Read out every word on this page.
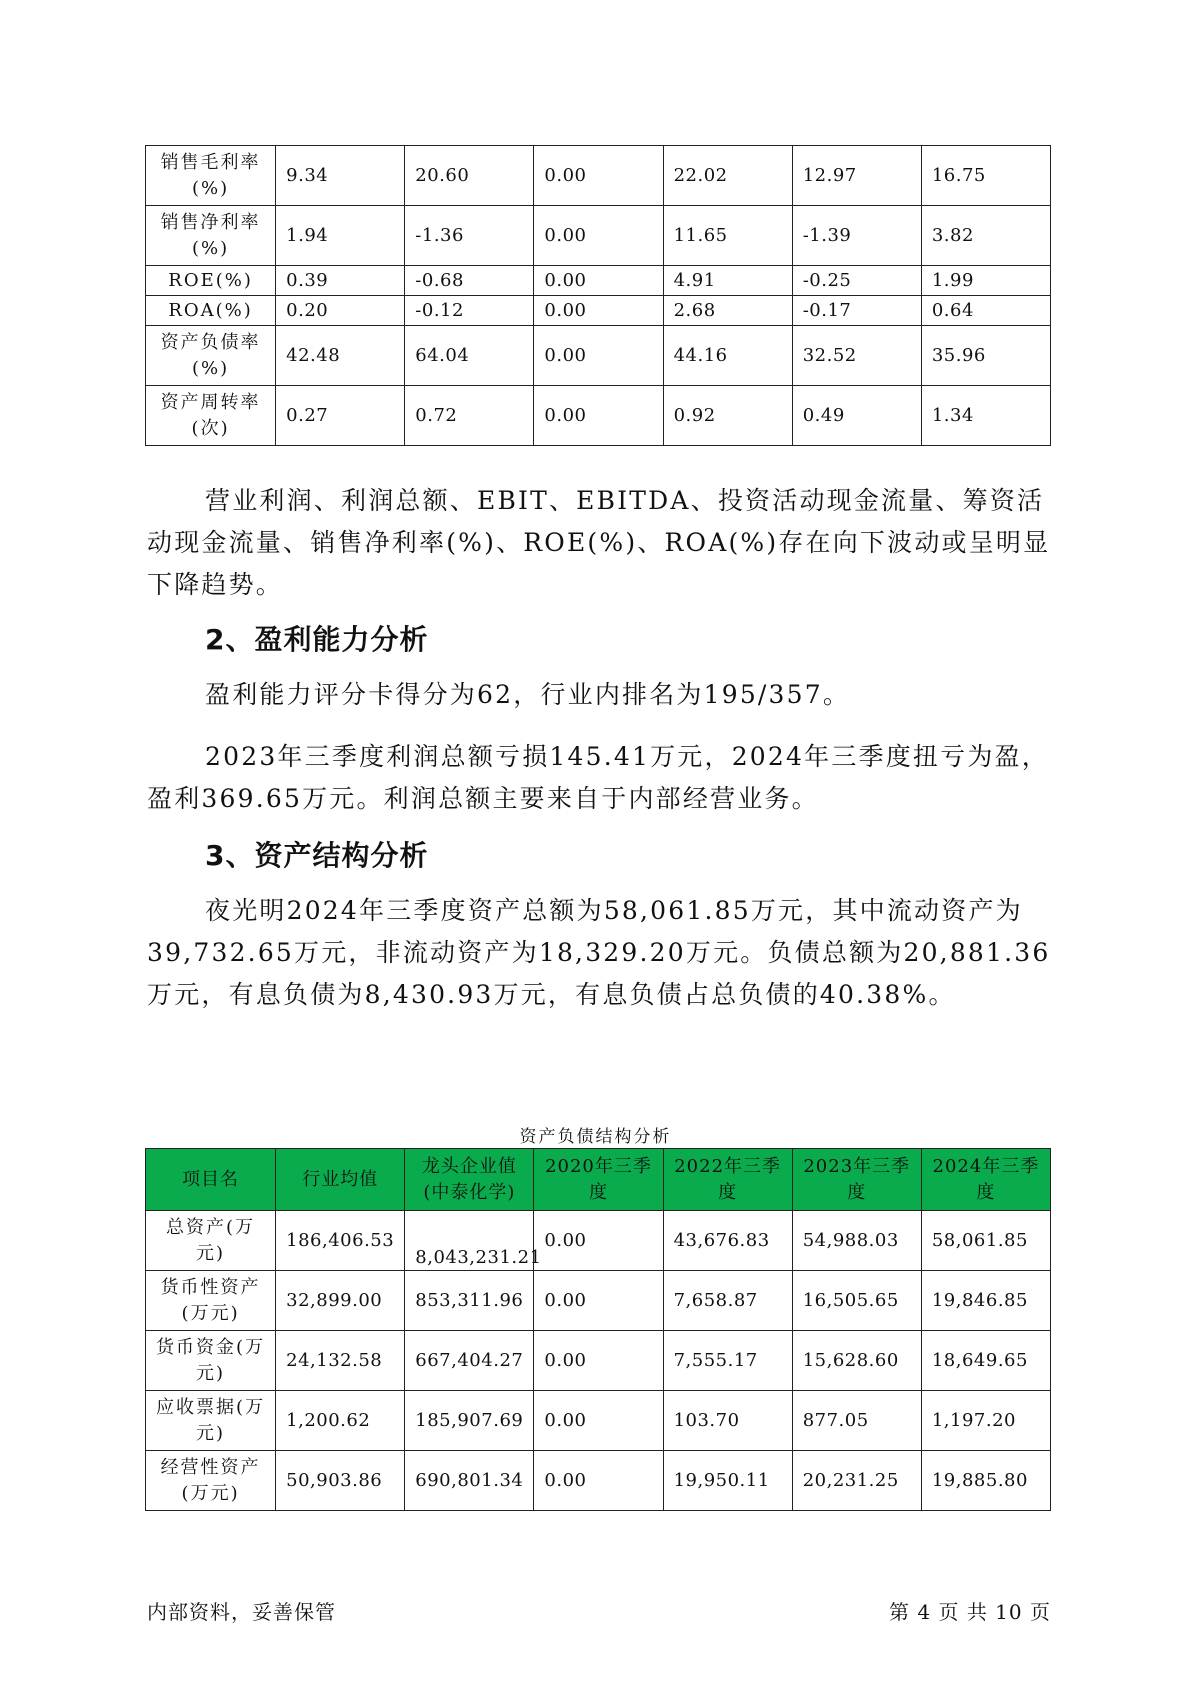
销售毛利率(%)	9.34	20.60	0.00	22.02	12.97	16.75
销售净利率(%)	1.94	-1.36	0.00	11.65	-1.39	3.82
ROE(%)	0.39	-0.68	0.00	4.91	-0.25	1.99
ROA(%)	0.20	-0.12	0.00	2.68	-0.17	0.64
资产负债率(%)	42.48	64.04	0.00	44.16	32.52	35.96
资产周转率(次)	0.27	0.72	0.00	0.92	0.49	1.34

营业利润、利润总额、EBIT、EBITDA、投资活动现金流量、筹资活动现金流量、销售净利率(%)、ROE(%)、ROA(%)存在向下波动或呈明显下降趋势。

2、盈利能力分析

盈利能力评分卡得分为62，行业内排名为195/357。

2023年三季度利润总额亏损145.41万元，2024年三季度扭亏为盈，盈利369.65万元。利润总额主要来自于内部经营业务。

3、资产结构分析

夜光明2024年三季度资产总额为58,061.85万元，其中流动资产为39,732.65万元，非流动资产为18,329.20万元。负债总额为20,881.36万元，有息负债为8,430.93万元，有息负债占总负债的40.38%。

资产负债结构分析
项目名	行业均值	龙头企业值(中泰化学)	2020年三季度	2022年三季度	2023年三季度	2024年三季度
总资产(万元)	186,406.53	8,043,231.21	0.00	43,676.83	54,988.03	58,061.85
货币性资产(万元)	32,899.00	853,311.96	0.00	7,658.87	16,505.65	19,846.85
货币资金(万元)	24,132.58	667,404.27	0.00	7,555.17	15,628.60	18,649.65
应收票据(万元)	1,200.62	185,907.69	0.00	103.70	877.05	1,197.20
经营性资产(万元)	50,903.86	690,801.34	0.00	19,950.11	20,231.25	19,885.80
内部资料，妥善保管	第 4 页 共 10 页
